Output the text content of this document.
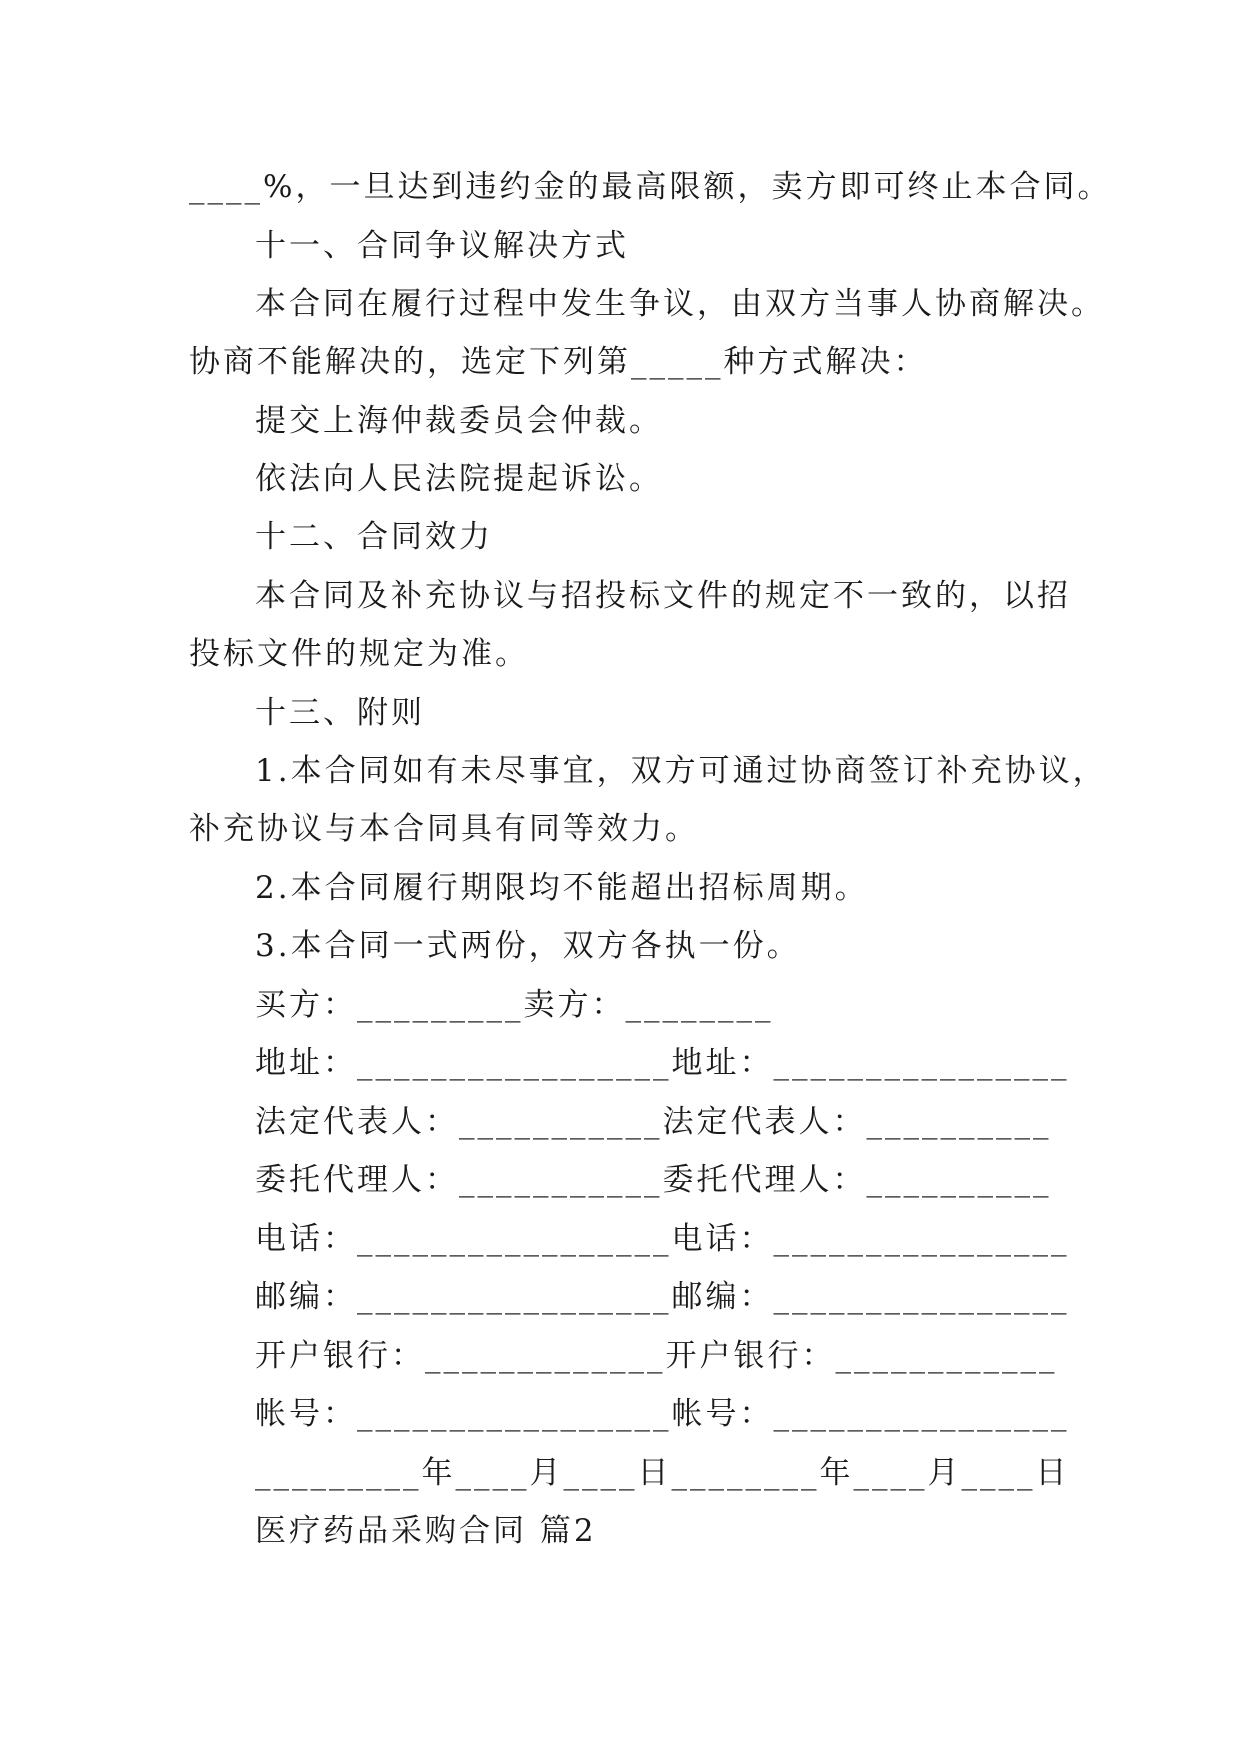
____%，一旦达到违约金的最高限额，卖方即可终止本合同。
十一、合同争议解决方式
本合同在履行过程中发生争议，由双方当事人协商解决。
协商不能解决的，选定下列第_____种方式解决：
提交上海仲裁委员会仲裁。
依法向人民法院提起诉讼。
十二、合同效力
本合同及补充协议与招投标文件的规定不一致的，以招
投标文件的规定为准。
十三、附则
1.本合同如有未尽事宜，双方可通过协商签订补充协议，
补充协议与本合同具有同等效力。
2.本合同履行期限均不能超出招标周期。
3.本合同一式两份，双方各执一份。
买方：_________卖方：________
地址：_________________地址：________________
法定代表人：___________法定代表人：__________
委托代理人：___________委托代理人：__________
电话：_________________电话：________________
邮编：_________________邮编：________________
开户银行：_____________开户银行：____________
帐号：_________________帐号：________________
_________年____月____日________年____月____日
医疗药品采购合同 篇2
